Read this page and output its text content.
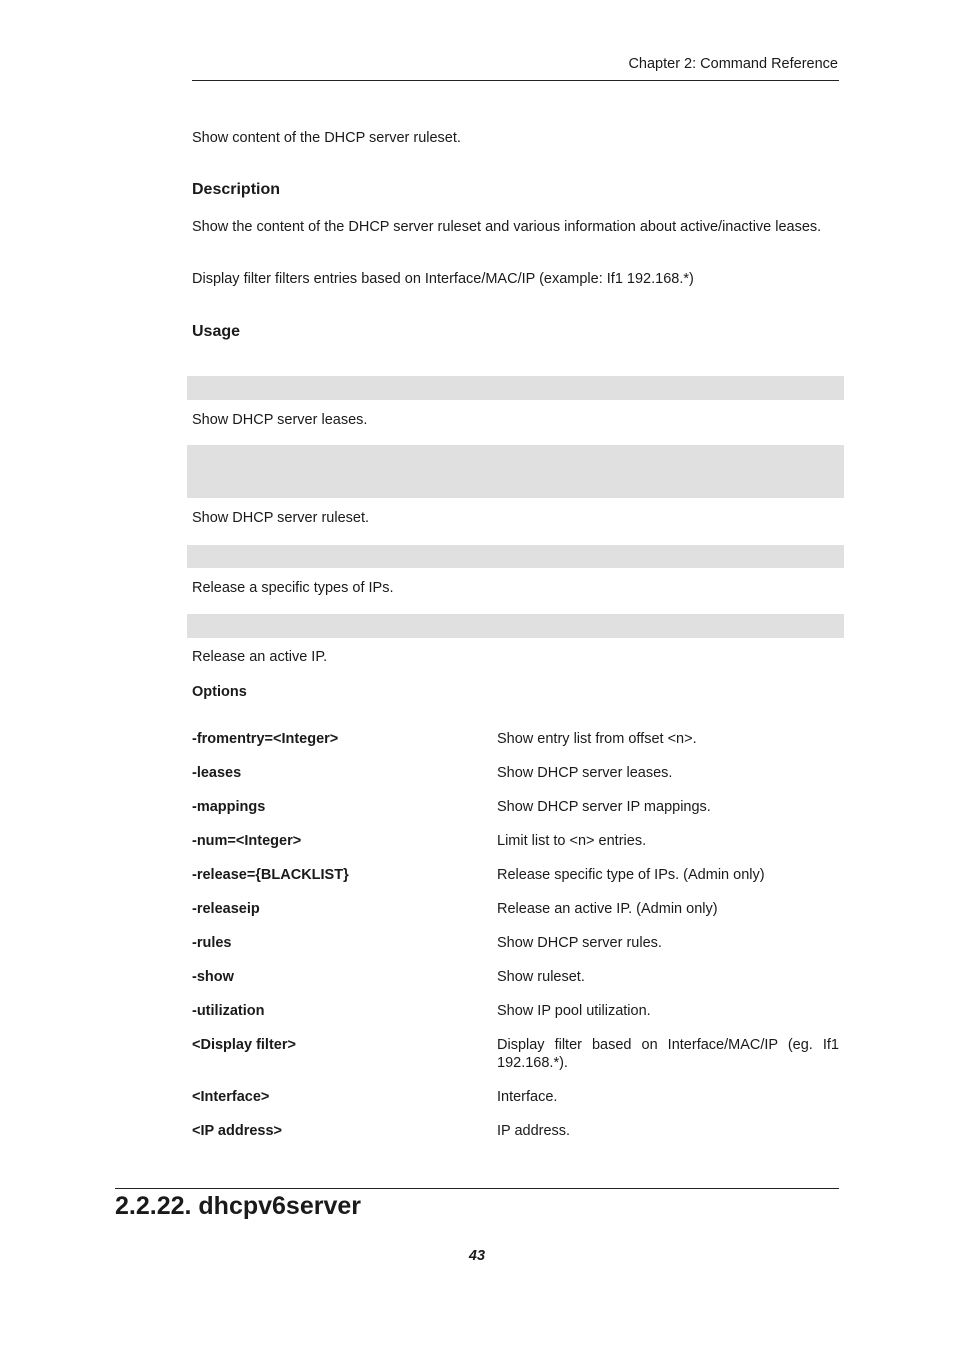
Chapter 2: Command Reference
Show content of the DHCP server ruleset.
Description
Show the content of the DHCP server ruleset and various information about active/inactive leases.
Display filter filters entries based on Interface/MAC/IP (example: If1 192.168.*)
Usage
Show DHCP server leases.
Show DHCP server ruleset.
Release a specific types of IPs.
Release an active IP.
Options
-fromentry=<Integer>	Show entry list from offset <n>.
-leases	Show DHCP server leases.
-mappings	Show DHCP server IP mappings.
-num=<Integer>	Limit list to <n> entries.
-release={BLACKLIST}	Release specific type of IPs. (Admin only)
-releaseip	Release an active IP. (Admin only)
-rules	Show DHCP server rules.
-show	Show ruleset.
-utilization	Show IP pool utilization.
<Display filter>	Display filter based on Interface/MAC/IP (eg. If1 192.168.*).
<Interface>	Interface.
<IP address>	IP address.
2.2.22. dhcpv6server
43
